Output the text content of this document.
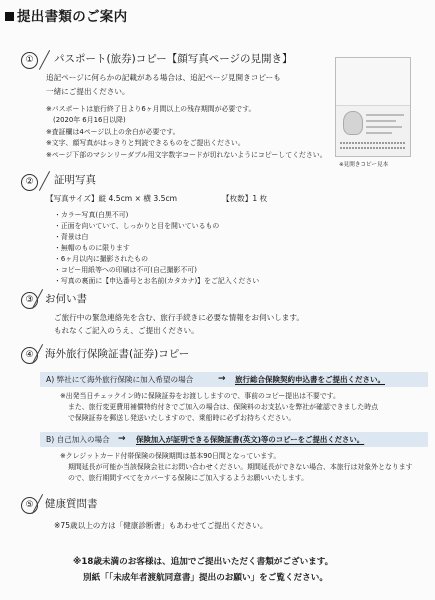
提出書類のご案内
①	パスポート(旅券)コピー【顔写真ページの見開き】
追記ページに何らかの記載がある場合は、追記ページ見開きコピーも
一緒にご提出ください。
※パスポートは旅行終了日より6ヶ月間以上の残存期間が必要です。
(2020年 6月16日以降)
※査証欄は4ページ以上の余白が必要です。
※文字、顔写真がはっきりと判読できるものをご提出ください。
※ページ下部のマシンリーダブル用文字数字コードが切れないようにコピーしてください。
※見開きコピー見本
②	証明写真
【写真サイズ】縦 4.5cm × 横 3.5cm	【枚数】1 枚
・カラー写真(白黒不可)
・正面を向いていて、しっかりと目を開いているもの
・背景は白
・無帽のものに限ります
・6ヶ月以内に撮影されたもの
・コピー用紙等への印刷は不可(自己撮影不可)
・写真の裏面に【申込番号とお名前(カタカナ)】をご記入ください
③	お伺い書
ご旅行中の緊急連絡先を含む、旅行手続きに必要な情報をお伺いします。
もれなくご記入のうえ、ご提出ください。
④	海外旅行保険証書(証券)コピー
A) 弊社にて海外旅行保険に加入希望の場合	→ 旅行総合保険契約申込書をご提出ください。
※出発当日チェックイン時に保険証券をお渡ししますので、事前のコピー提出は不要です。
また、旅行変更費用補償特約付きでご加入の場合は、保険料のお支払いを弊社が確認できました時点
で保険証券を郵送し発送いたしますので、乗船時に必ずお持ちください。
B) 自己加入の場合 → 保険加入が証明できる保険証書(英文)等のコピーをご提出ください。
※クレジットカード付帯保険の保険期間は基本90日間となっています。
期間延長が可能か当該保険会社にお問い合わせください。期間延長ができない場合、本旅行は対象外となります
ので、旅行期間すべてをカバーする保険にご加入するようお願いいたします。
⑤	健康質問書
※75歳以上の方は「健康診断書」もあわせてご提出ください。
※18歳未満のお客様は、追加でご提出いただく書類がございます。
別紙「「未成年者渡航同意書」提出のお願い」をご覧ください。
